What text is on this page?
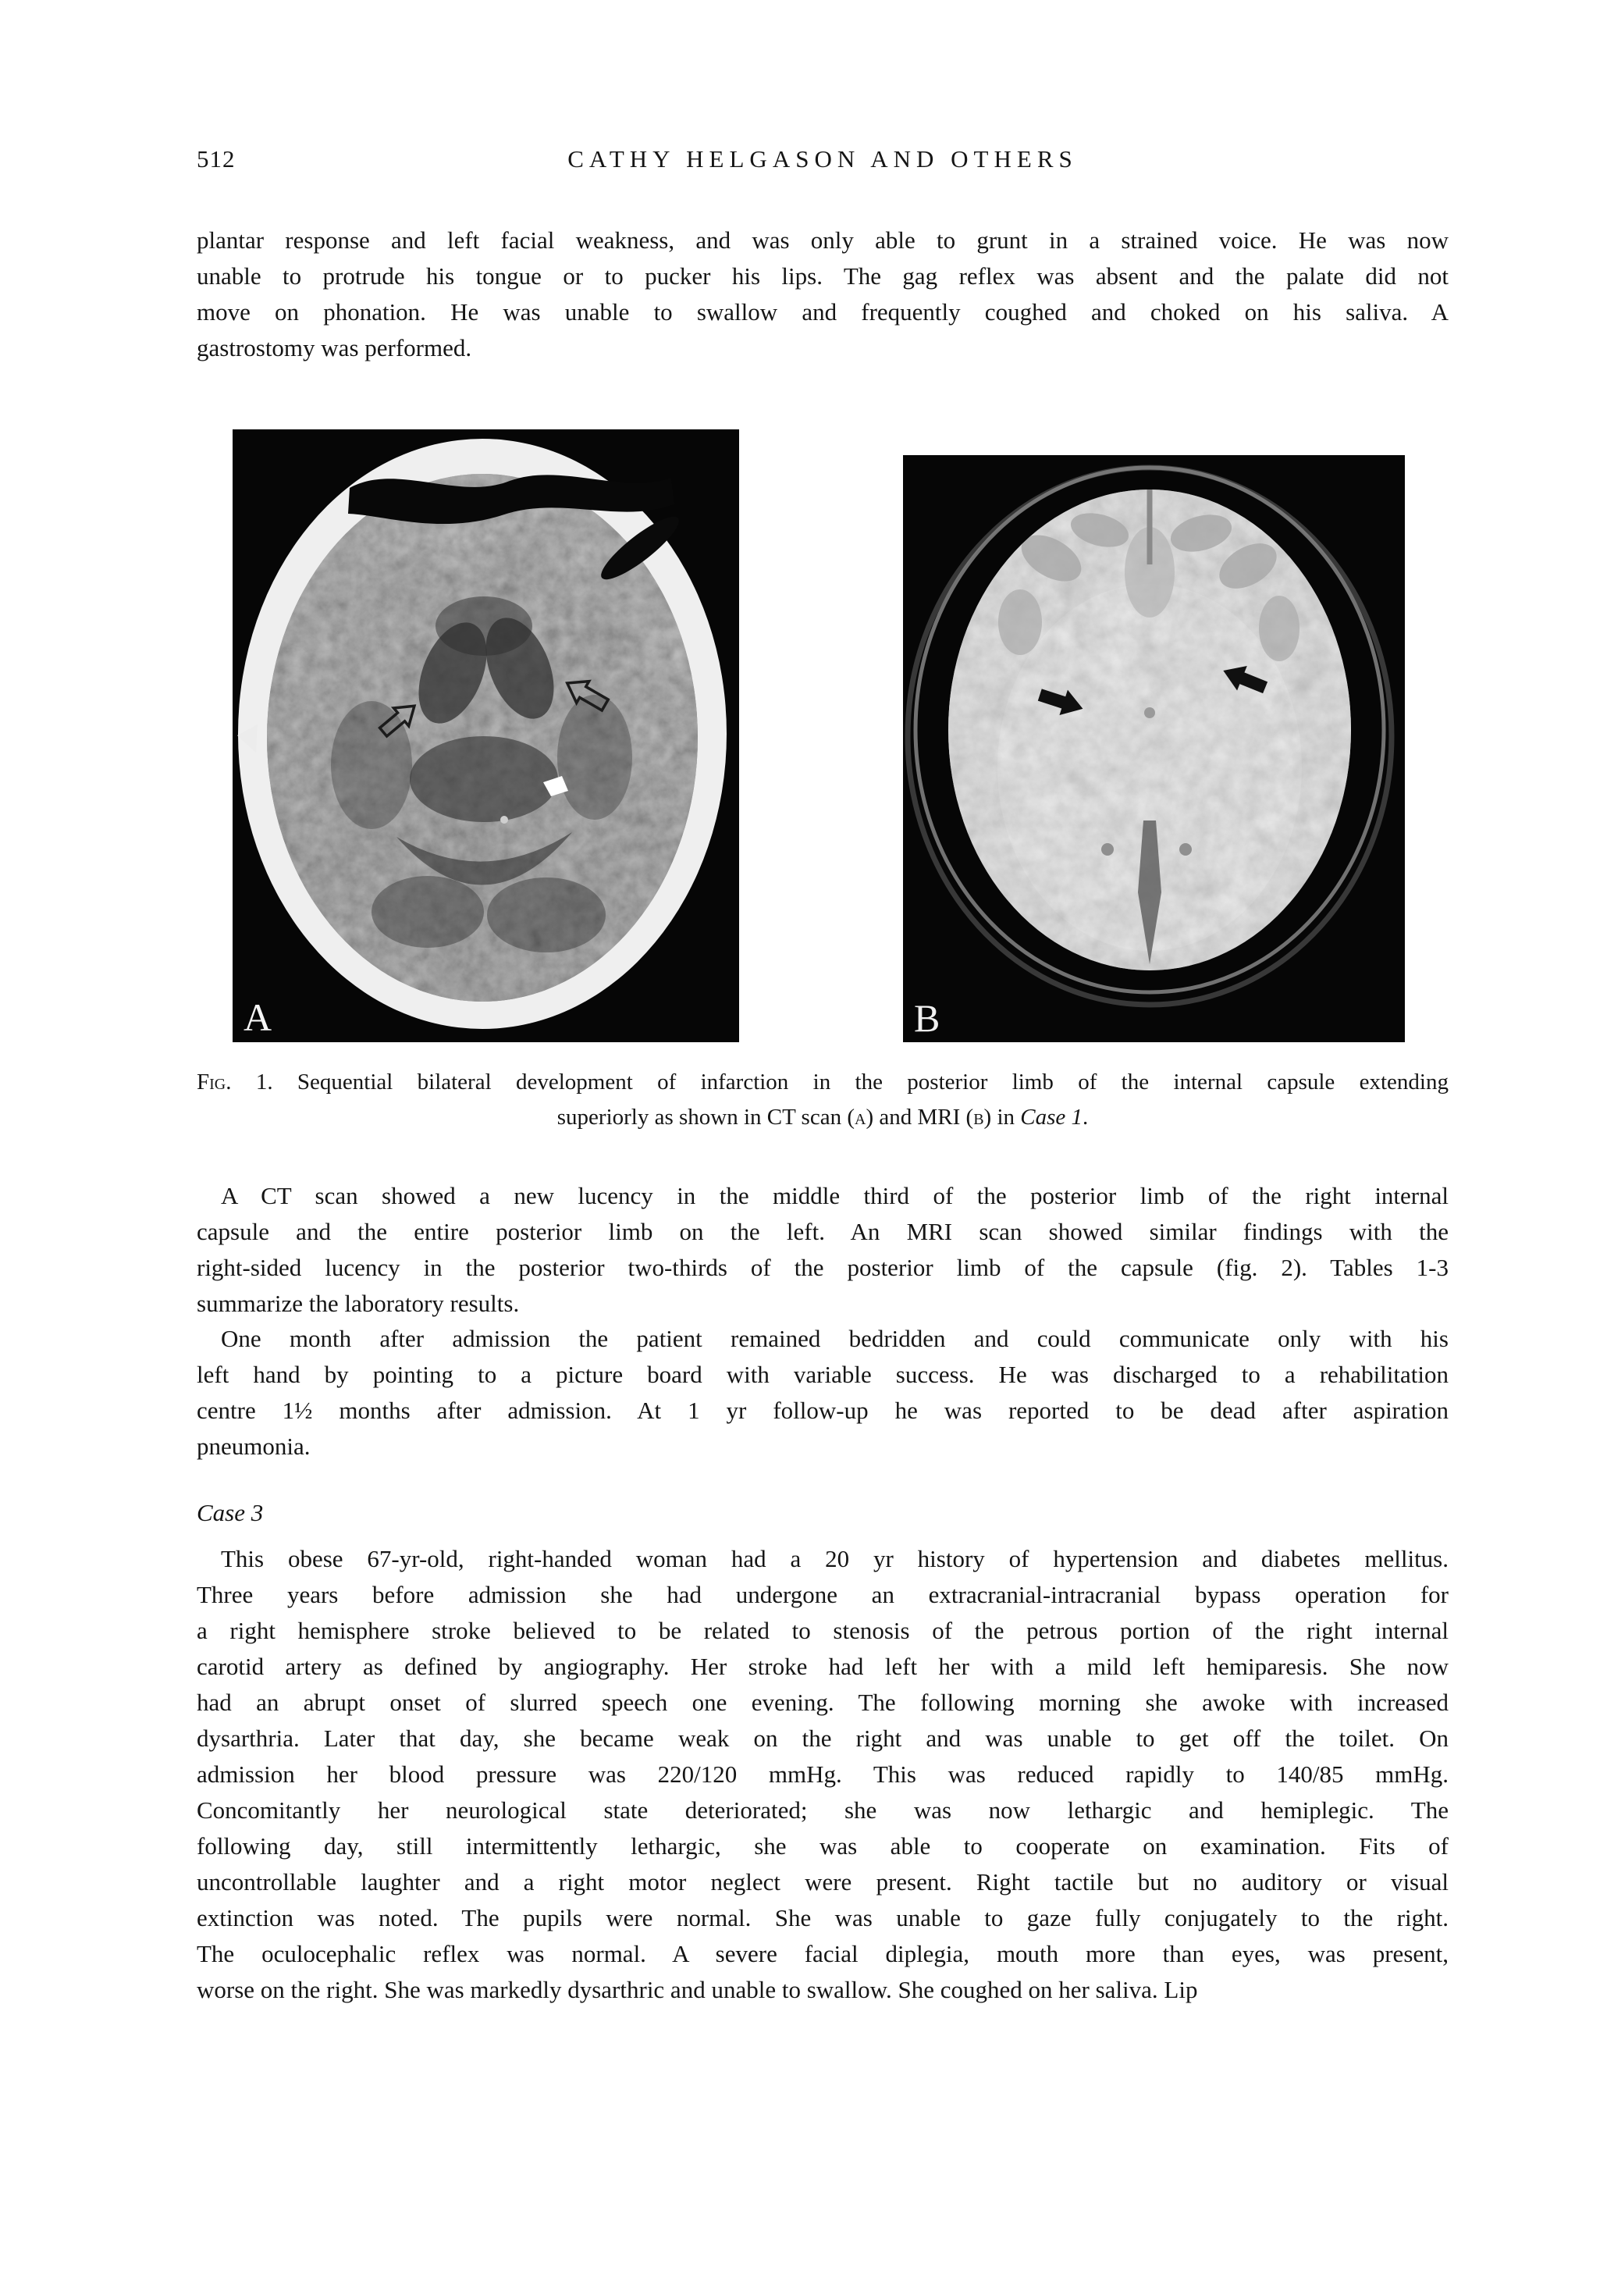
512	CATHY HELGASON AND OTHERS
plantar response and left facial weakness, and was only able to grunt in a strained voice. He was now
unable to protrude his tongue or to pucker his lips. The gag reflex was absent and the palate did not
move on phonation. He was unable to swallow and frequently coughed and choked on his saliva. A
gastrostomy was performed.
A	B
Fig. 1. Sequential bilateral development of infarction in the posterior limb of the internal capsule extending
superiorly as shown in CT scan (a) and MRI (b) in Case 1.
A CT scan showed a new lucency in the middle third of the posterior limb of the right internal
capsule and the entire posterior limb on the left. An MRI scan showed similar findings with the
right-sided lucency in the posterior two-thirds of the posterior limb of the capsule (fig. 2). Tables 1-3
summarize the laboratory results.
One month after admission the patient remained bedridden and could communicate only with his
left hand by pointing to a picture board with variable success. He was discharged to a rehabilitation
centre 1½ months after admission. At 1 yr follow-up he was reported to be dead after aspiration
pneumonia.
Case 3
This obese 67-yr-old, right-handed woman had a 20 yr history of hypertension and diabetes mellitus.
Three years before admission she had undergone an extracranial-intracranial bypass operation for
a right hemisphere stroke believed to be related to stenosis of the petrous portion of the right internal
carotid artery as defined by angiography. Her stroke had left her with a mild left hemiparesis. She now
had an abrupt onset of slurred speech one evening. The following morning she awoke with increased
dysarthria. Later that day, she became weak on the right and was unable to get off the toilet. On
admission her blood pressure was 220/120 mmHg. This was reduced rapidly to 140/85 mmHg.
Concomitantly her neurological state deteriorated; she was now lethargic and hemiplegic. The
following day, still intermittently lethargic, she was able to cooperate on examination. Fits of
uncontrollable laughter and a right motor neglect were present. Right tactile but no auditory or visual
extinction was noted. The pupils were normal. She was unable to gaze fully conjugately to the right.
The oculocephalic reflex was normal. A severe facial diplegia, mouth more than eyes, was present,
worse on the right. She was markedly dysarthric and unable to swallow. She coughed on her saliva. Lip
